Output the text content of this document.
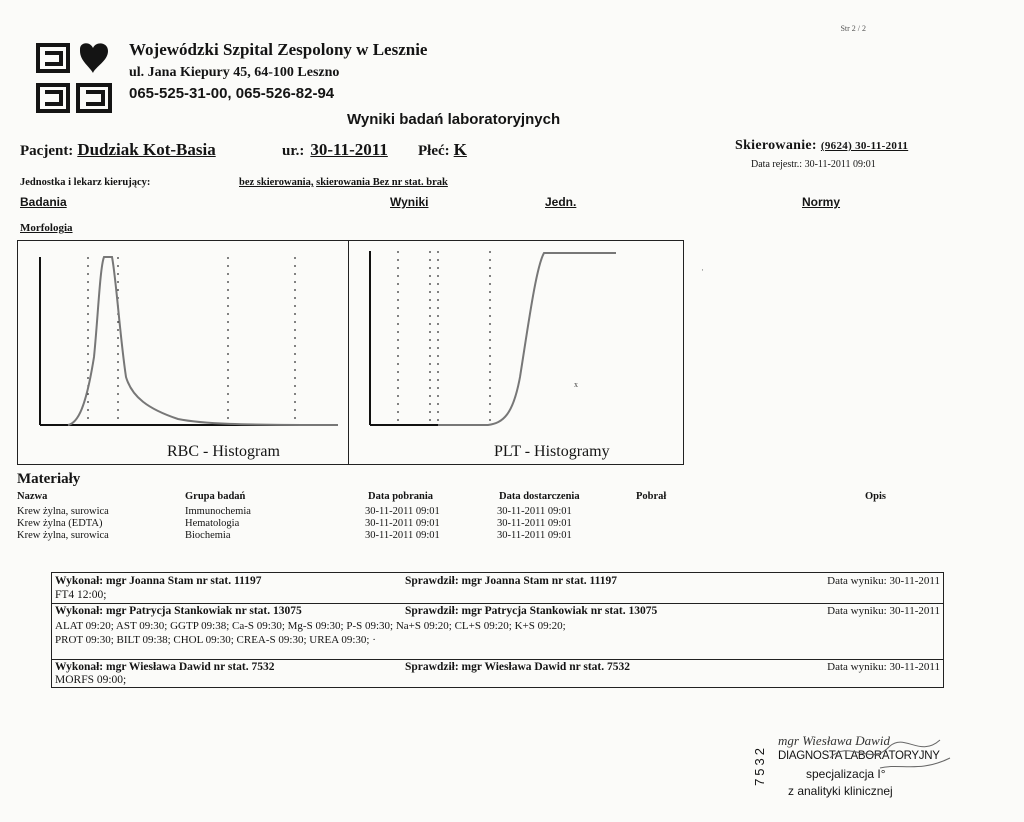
Str 2 / 2
Wojewódzki Szpital Zespolony w Lesznie
ul. Jana Kiepury 45, 64-100 Leszno
065-525-31-00, 065-526-82-94
Wyniki badań laboratoryjnych
Pacjent: Dudziak Kot-Basia	ur.: 30-11-2011 Płeć: K	Skierowanie: (9624) 30-11-2011
Data rejestr.: 30-11-2011 09:01
Jednostka i lekarz kierujący:	bez skierowania, skierowania Bez nr stat. brak
Badania	Wyniki	Jedn.	Normy
Morfologia
x
RBC - Histogram	PLT - Histogramy
Materiały
Nazwa	Grupa badań	Data pobrania	Data dostarczenia	Pobrał	Opis
Krew żylna, surowica	Immunochemia	30-11-2011 09:01	30-11-2011 09:01
Krew żylna (EDTA)	Hematologia	30-11-2011 09:01	30-11-2011 09:01
Krew żylna, surowica	Biochemia	30-11-2011 09:01	30-11-2011 09:01
Wykonał: mgr Joanna Stam nr stat. 11197	Sprawdził: mgr Joanna Stam nr stat. 11197	Data wyniku: 30-11-2011
FT4 12:00;
Wykonał: mgr Patrycja Stankowiak nr stat. 13075	Sprawdził: mgr Patrycja Stankowiak nr stat. 13075	Data wyniku: 30-11-2011
ALAT 09:20; AST 09:30; GGTP 09:38; Ca-S 09:30; Mg-S 09:30; P-S 09:30; Na+S 09:20; CL+S 09:20; K+S 09:20;
PROT 09:30; BILT 09:38; CHOL 09:30; CREA-S 09:30; UREA 09:30; ·
Wykonał: mgr Wiesława Dawid nr stat. 7532	Sprawdził: mgr Wiesława Dawid nr stat. 7532	Data wyniku: 30-11-2011
MORFS 09:00;
·
7532
mgr Wiesława Dawid
DIAGNOSTA LABORATORYJNY
specjalizacja I°
z analityki klinicznej
